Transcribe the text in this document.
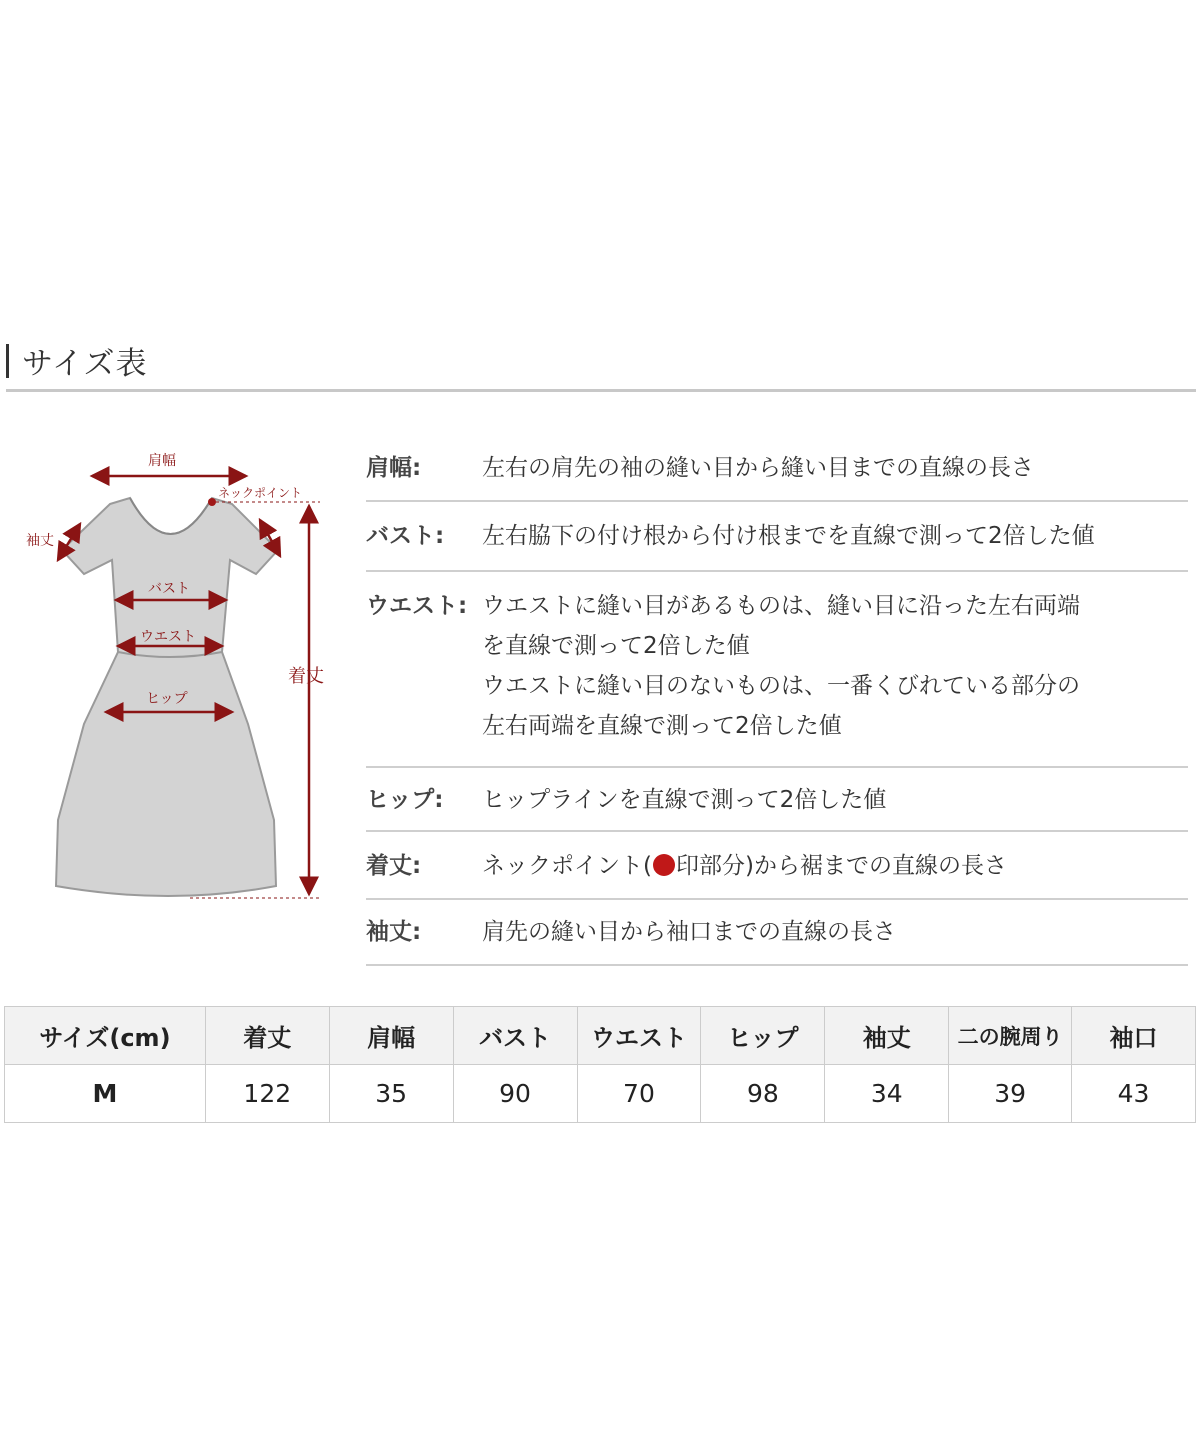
サイズ表
肩幅
ネックポイント
袖丈
バスト
ウエスト
ヒップ
着丈
肩幅:	左右の肩先の袖の縫い目から縫い目までの直線の長さ
バスト:	左右脇下の付け根から付け根までを直線で測って2倍した値
ウエスト: ウエストに縫い目があるものは、縫い目に沿った左右両端
を直線で測って2倍した値
ウエストに縫い目のないものは、一番くびれている部分の
左右両端を直線で測って2倍した値
ヒップ:	ヒップラインを直線で測って2倍した値
着丈:	ネックポイント( 印部分)から裾までの直線の長さ
袖丈:	肩先の縫い目から袖口までの直線の長さ
サイズ(cm)	着丈	肩幅	バスト	ウエスト	ヒップ	袖丈	二の腕周り	袖口
M	122	35	90	70	98	34	39	43
